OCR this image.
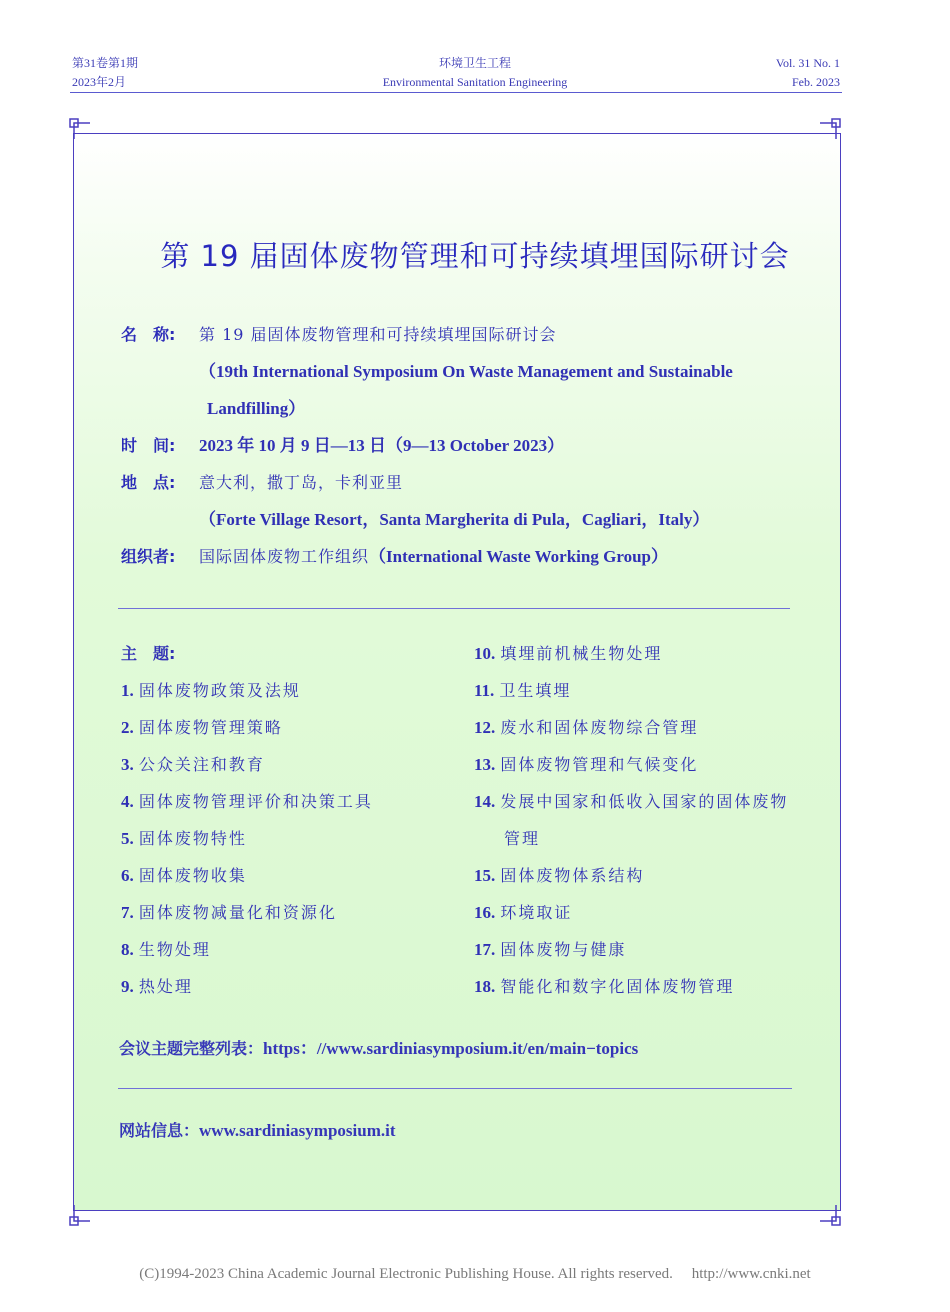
第31卷第1期
2023年2月
环境卫生工程
Environmental Sanitation Engineering
Vol. 31 No. 1
Feb. 2023
第 19 届固体废物管理和可持续填埋国际研讨会
名　称: 第 19 届固体废物管理和可持续填埋国际研讨会
（19th International Symposium On Waste Management and Sustainable
Landfilling）
时　间: 2023 年 10 月 9 日—13 日（9—13 October 2023）
地　点: 意大利，撒丁岛，卡利亚里
（Forte Village Resort，Santa Margherita di Pula，Cagliari，Italy）
组织者: 国际固体废物工作组织（International Waste Working Group）
主　题:
1. 固体废物政策及法规
2. 固体废物管理策略
3. 公众关注和教育
4. 固体废物管理评价和决策工具
5. 固体废物特性
6. 固体废物收集
7. 固体废物减量化和资源化
8. 生物处理
9. 热处理
10. 填埋前机械生物处理
11. 卫生填埋
12. 废水和固体废物综合管理
13. 固体废物管理和气候变化
14. 发展中国家和低收入国家的固体废物
管理
15. 固体废物体系结构
16. 环境取证
17. 固体废物与健康
18. 智能化和数字化固体废物管理
会议主题完整列表：https：//www.sardiniasymposium.it/en/main−topics
网站信息：www.sardiniasymposium.it
(C)1994-2023 China Academic Journal Electronic Publishing House. All rights reserved. http://www.cnki.net
